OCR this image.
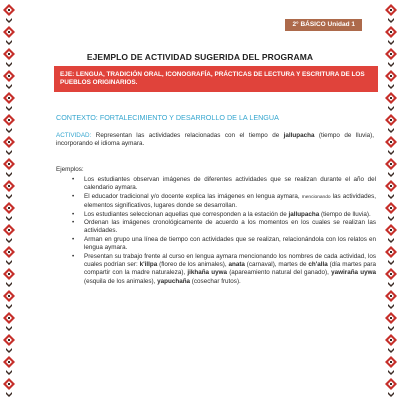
2° BÁSICO Unidad 1
EJEMPLO DE ACTIVIDAD SUGERIDA DEL PROGRAMA
EJE: LENGUA, TRADICIÓN ORAL, ICONOGRAFÍA, PRÁCTICAS DE LECTURA Y ESCRITURA DE LOS PUEBLOS ORIGINARIOS.
CONTEXTO: FORTALECIMIENTO Y DESARROLLO DE LA LENGUA
ACTIVIDAD: Representan las actividades relacionadas con el tiempo de jallupacha (tiempo de lluvia), incorporando el idioma aymara.
Ejemplos:
• Los estudiantes observan imágenes de diferentes actividades que se realizan durante el año del calendario aymara.
• El educador tradicional y/o docente explica las imágenes en lengua aymara, mencionando las actividades, elementos significativos, lugares donde se desarrollan.
• Los estudiantes seleccionan aquellas que corresponden a la estación de jallupacha (tiempo de lluvia).
• Ordenan las imágenes cronológicamente de acuerdo a los momentos en los cuales se realizan las actividades.
• Arman en grupo una línea de tiempo con actividades que se realizan, relacionándola con los relatos en lengua aymara.
• Presentan su trabajo frente al curso en lengua aymara mencionando los nombres de cada actividad, los cuales podrían ser: k'illpa (floreo de los animales), anata (carnaval), martes de ch'alla (día martes para compartir con la madre naturaleza), jikhaña uywa (apareamiento natural del ganado), yawiraña uywa (esquila de los animales), yapuchaña (cosechar frutos).
